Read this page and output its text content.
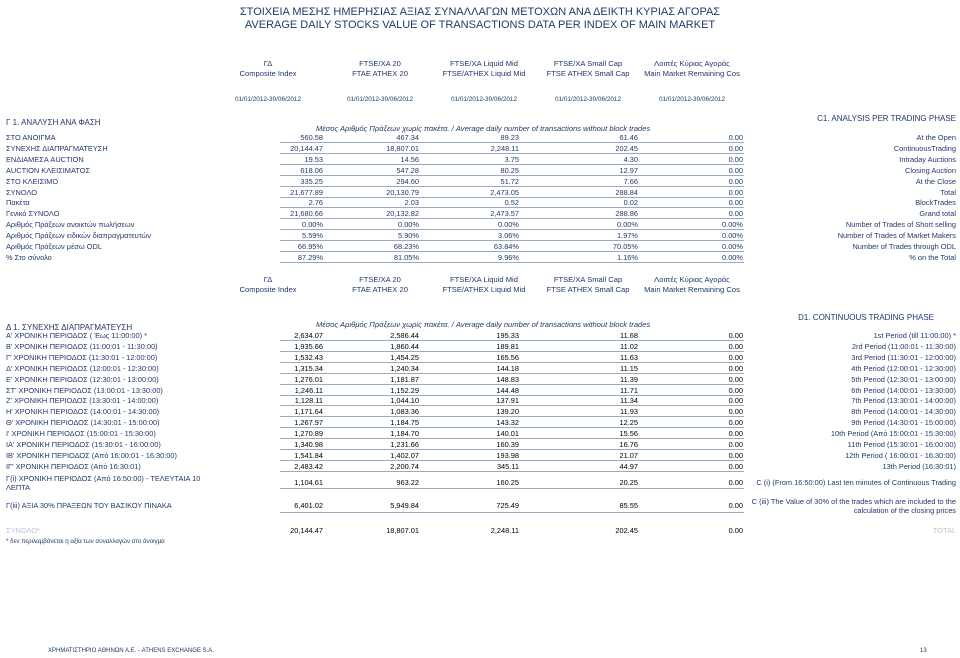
ΣΤΟΙΧΕΙΑ ΜΕΣΗΣ ΗΜΕΡΗΣΙΑΣ ΑΞΙΑΣ ΣΥΝΑΛΛΑΓΩΝ ΜΕΤΟΧΩΝ ΑΝΑ ΔΕΙΚΤΗ ΚΥΡΙΑΣ ΑΓΟΡΑΣ
AVERAGE DAILY STOCKS VALUE OF TRANSACTIONS DATA PER INDEX OF MAIN MARKET
ΓΔ
Composite Index
FTSE/XA 20
FTAE ATHEX 20
FTSE/XA Liquid Mid
FTSE/ATHEX Liquid Mid
FTSE/XA Small Cap
FTSE ATHEX Small Cap
Λοιπές Κύριας Αγοράς
Main Market Remaining Cos
01/01/2012-30/06/2012	01/01/2012-30/06/2012	01/01/2012-30/06/2012	01/01/2012-30/06/2012	01/01/2012-30/06/2012
Γ 1. ΑΝΑΛΥΣΗ ΑΝΑ ΦΑΣΗ	C1. ANALYSIS PER TRADING PHASE
Μέσος Αριθμός Πράξεων χωρίς πακέτα. / Average daily number of transactions without block trades
ΣΤΟ ΑΝΟΙΓΜΑ	560.58	467.34	89.23	61.46	0.00	At the Open
ΣΥΝΕΧΗΣ ΔΙΑΠΡΑΓΜΑΤΕΥΣΗ	20,144.47	18,807.01	2,248.11	202.45	0.00	ContinuousTrading
ΕΝΔΙΑΜΕΣΑ AUCTION	19.53	14.56	3.75	4.30	0.00	Intraday Auctions
AUCTION ΚΛΕΙΣΙΜΑΤΟΣ	618.06	547.28	80.25	12.97	0.00	Closing Auction
ΣΤΟ ΚΛΕΙΣΙΜΟ	335.25	294.60	51.72	7.66	0.00	At the Close
ΣΥΝΟΛΟ	21,677.89	20,130.79	2,473.05	288.84	0.00	Total
Πακέτα	2.76	2.03	0.52	0.02	0.00	BlockTrades
Γενικό ΣΥΝΟΛΟ	21,680.66	20,132.82	2,473.57	288.86	0.00	Grand total
Αριθμός Πράξεων ανοικτών πωλήσεων	0.00%	0.00%	0.00%	0.00%	0.00%	Number of Trades of Short selling
Αριθμός Πράξεων ειδικών διαπραγματευτών	5.59%	5.90%	3.06%	1.97%	0.00%	Number of Trades of Market Makers
Αριθμός Πράξεων μέσω ODL	66.95%	68.23%	63.84%	70.05%	0.00%	Number of Trades through ODL
% Στο σύνολο	87.29%	81.05%	9.96%	1.16%	0.00%	% on the Total
ΓΔ
Composite Index
FTSE/XA 20
FTAE ATHEX 20
FTSE/XA Liquid Mid
FTSE/ATHEX Liquid Mid
FTSE/XA Small Cap
FTSE ATHEX Small Cap
Λοιπές Κύριας Αγοράς
Main Market Remaining Cos
Δ 1. ΣΥΝΕΧΗΣ ΔΙΑΠΡΑΓΜΑΤΕΥΣΗ
D1. CONTINUOUS TRADING PHASE
Μέσος Αριθμός Πράξεων χωρίς πακέτα. / Average daily number of transactions without block trades
Α' ΧΡΟΝΙΚΗ ΠΕΡΙΟΔΟΣ ( Έως 11:00:00) *	2,634.07	2,586.44	195.33	11.68	0.00	1st Period (till 11:00:00) *
Β' ΧΡΟΝΙΚΗ ΠΕΡΙΟΔΟΣ (11:00:01 - 11:30:00)	1,935.66	1,860.44	189.81	11.02	0.00	2rd Period (11:00:01 - 11:30:00)
Γ' ΧΡΟΝΙΚΗ ΠΕΡΙΟΔΟΣ (11:30:01 - 12:00:00)	1,532.43	1,454.25	165.56	11.63	0.00	3rd Period (11:30:01 - 12:00:00)
Δ' ΧΡΟΝΙΚΗ ΠΕΡΙΟΔΟΣ (12:00:01 - 12:30:00)	1,315.34	1,240.34	144.18	11.15	0.00	4th Period (12:00:01 - 12:30:00)
Ε' ΧΡΟΝΙΚΗ ΠΕΡΙΟΔΟΣ (12:30:01 - 13:00:00)	1,276.01	1,181.87	148.83	11.39	0.00	5th Period (12:30:01 - 13:00:00)
ΣΤ' ΧΡΟΝΙΚΗ ΠΕΡΙΟΔΟΣ (13:00:01 - 13:30:00)	1,246.11	1,152.29	144.48	11.71	0.00	6th Period (14:00:01 - 13:30:00)
Ζ' ΧΡΟΝΙΚΗ ΠΕΡΙΟΔΟΣ (13:30:01 - 14:00:00)	1,128.11	1,044.10	137.91	11.34	0.00	7th Period (13:30:01 - 14:00:00)
Η' ΧΡΟΝΙΚΗ ΠΕΡΙΟΔΟΣ (14:00:01 - 14:30:00)	1,171.64	1,083.36	139.20	11.93	0.00	8th Period (14:00:01 - 14:30:00)
Θ' ΧΡΟΝΙΚΗ ΠΕΡΙΟΔΟΣ (14:30:01 - 15:00:00)	1,267.97	1,184.75	143.32	12.25	0.00	9th Period (14:30:01 - 15:00:00)
Ι' ΧΡΟΝΙΚΗ ΠΕΡΙΟΔΟΣ (15:00:01 - 15:30:00)	1,270.89	1,184.70	140.01	15.56	0.00	10th Period (Από 15:00:01 - 15:30:00)
ΙΑ' ΧΡΟΝΙΚΗ ΠΕΡΙΟΔΟΣ (15:30:01 - 16:00:00)	1,340.98	1,231.66	160.39	16.76	0.00	11th Period (15:30:01 - 16:00:00)
ΙΒ' ΧΡΟΝΙΚΗ ΠΕΡΙΟΔΟΣ (Από 16:00:01 - 16:30:00)	1,541.84	1,402.07	193.98	21.07	0.00	12th Period ( 16:00:01 - 16:30:00)
ΙΓ' ΧΡΟΝΙΚΗ ΠΕΡΙΟΔΟΣ (Από 16:30:01)	2,483.42	2,200.74	345.11	44.97	0.00	13th Period (16:30:01)
Γ(i) ΧΡΟΝΙΚΗ ΠΕΡΙΟΔΟΣ (Από 16:50:00) - ΤΕΛΕΥΤΑΙΑ 10
ΛΕΠΤΑ
1,104.61	963.22	160.25	20.25	0.00 C (i) (From 16:50:00) Last ten minutes of Continuous Trading
Γ(iii) ΑΞΙΑ 30% ΠΡΑΞΕΩΝ ΤΟΥ ΒΑΣΙΚΟΥ ΠΙΝΑΚΑ	6,401.02	5,949.84	725.49	85.55	0.00 C (iii) The Value of 30% of the trades which are included to the
calculation of the closing prices
ΣΥΝΟΛΟ*	20,144.47	18,807.01	2,248.11	202.45	0.00	TOTAL
* δεν περιλαμβάνεται η αξία των συναλλαγών στο άνοιγμα
ΧΡΗΜΑΤΙΣΤΗΡΙΟ ΑΘΗΝΩΝ Α.Ε. - ATHENS EXCHANGE S.A.	13
